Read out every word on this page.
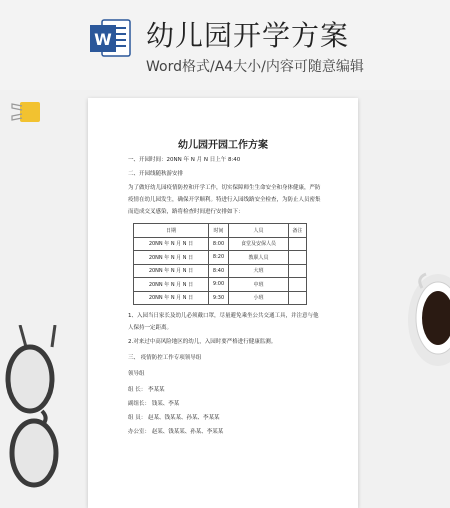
W 幼儿园开学方案
Word格式/A4大小/内容可随意编辑
幼儿园开园工作方案
一、开园时间：20NN 年 N 月 N 日上午 8:40
二、开园线随秋游安排
为了做好幼儿园疫情防控和开学工作，切实保障师生生命安全和身体健康，严防疫情在幼儿园发生，确保开学顺利。特进行入园线路安全检查，为防止人员密集而造成交叉感染，路将检查时间进行安排如下：
日期	时间	人员	备注
20NN 年 N 月 N 日	8:00	食堂及安保人员	
20NN 年 N 月 N 日	8:20	教职人员	
20NN 年 N 月 N 日	8:40	大班	
20NN 年 N 月 N 日	9:00	中班	
20NN 年 N 月 N 日	9:30	小班	
1、入园当日家长及幼儿必须戴口罩，尽量避免乘坐公共交通工具，并注意与他人保持一定距离。
2.对来过中高风险地区的幼儿，入园时要严格进行健康监测。
三、 疫情防控工作专项领导组
领导组
组 长： 李某某
副组长： 钱某、李某
组 员： 赵某、钱某某、孙某、李某某
办公室： 赵某、钱某某、孙某、李某某
